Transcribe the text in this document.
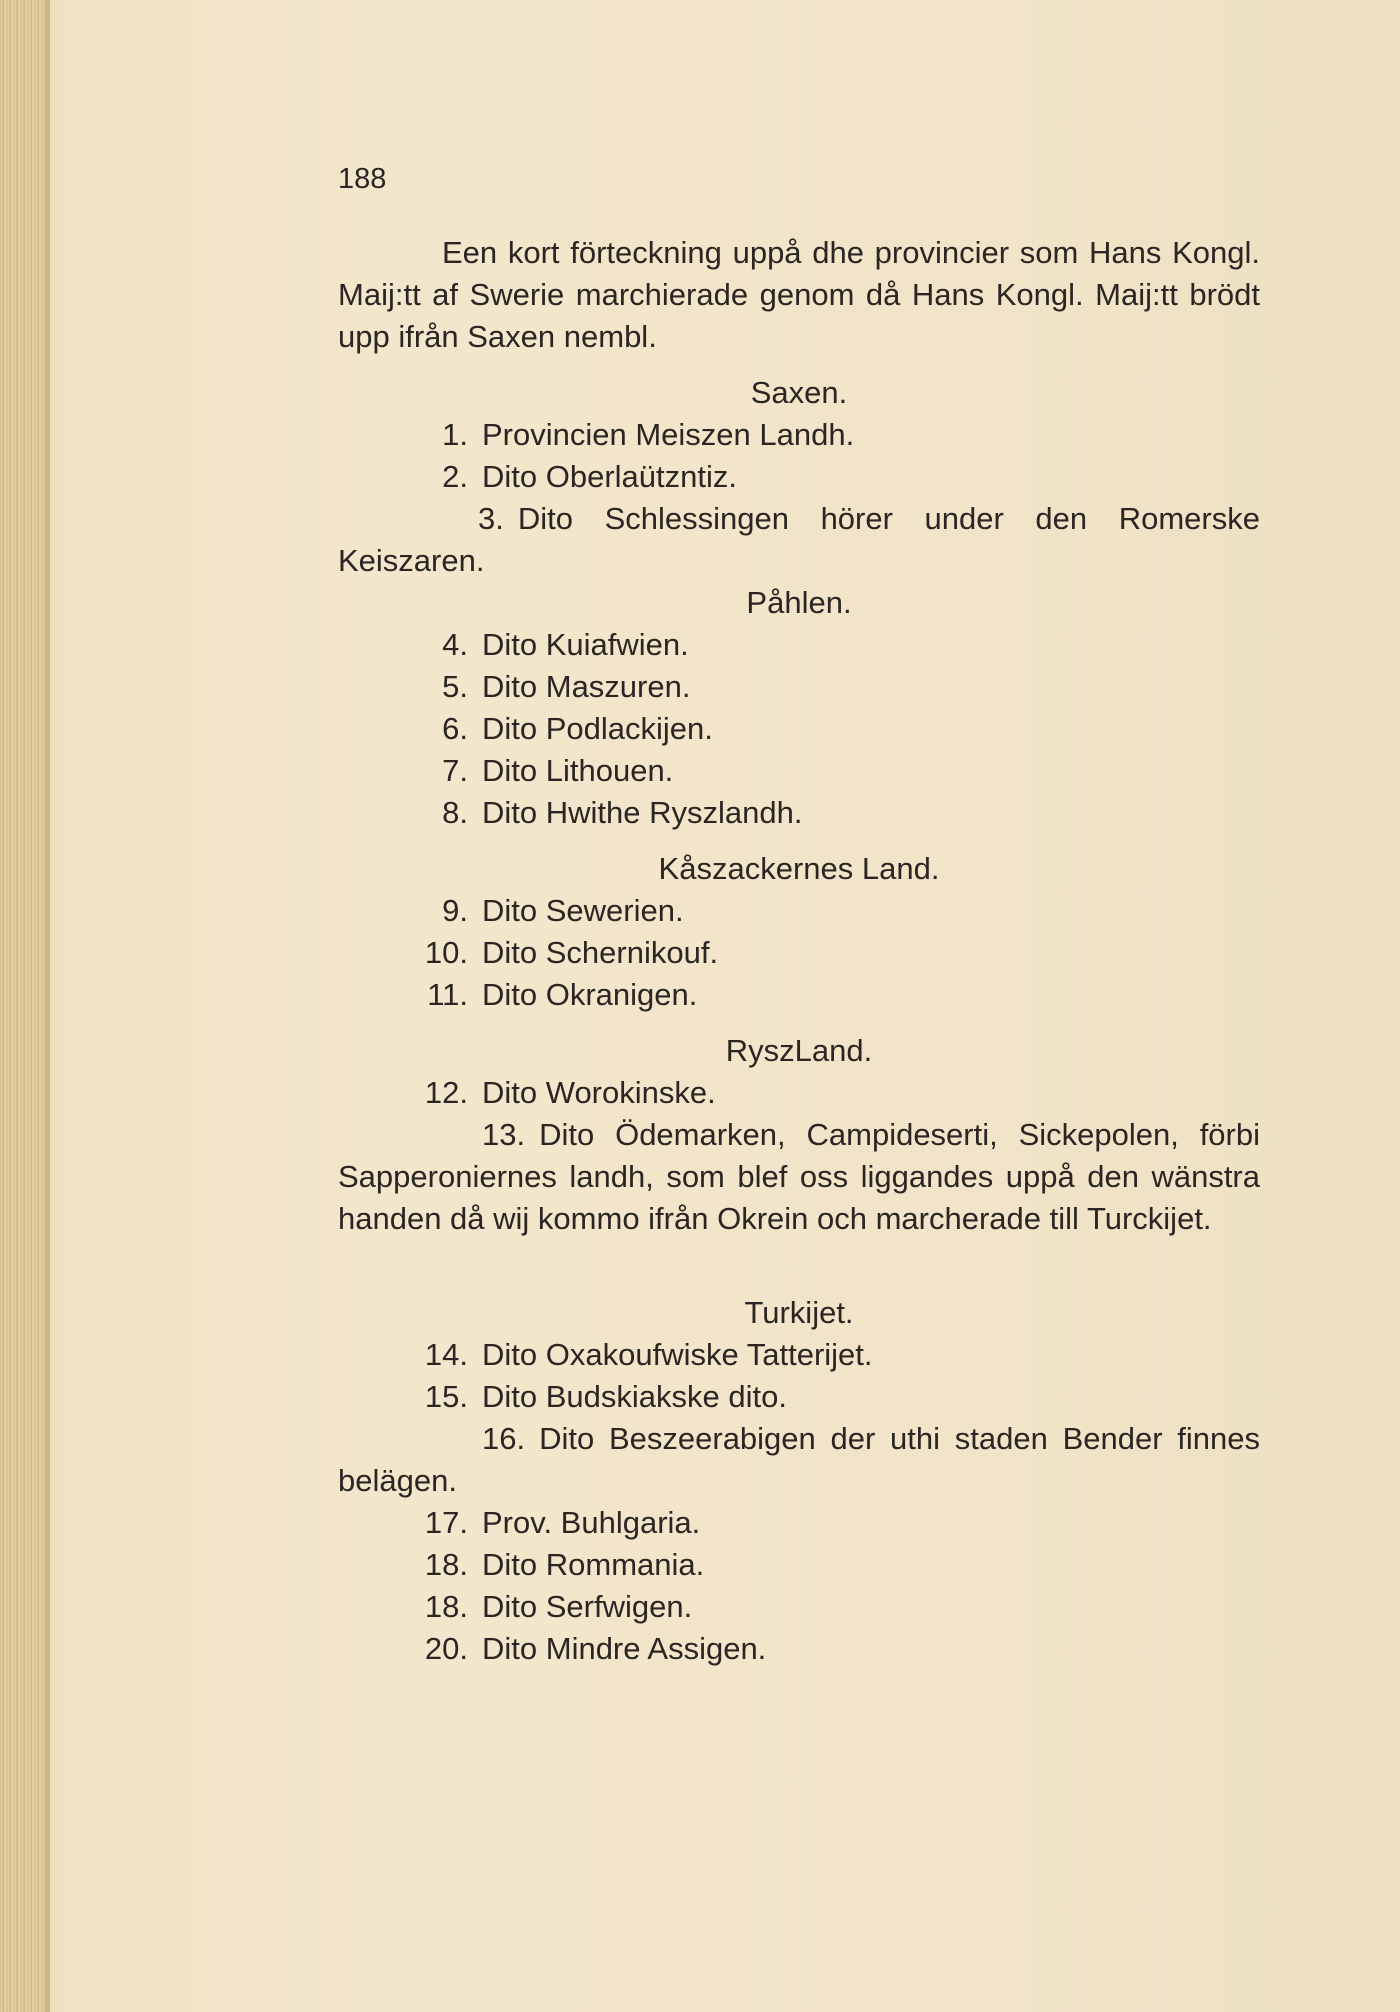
188
Een kort förteckning uppå dhe provincier som Hans Kongl. Maij:tt af Swerie marchierade genom då Hans Kongl. Maij:tt brödt upp ifrån Saxen nembl.
Saxen.
1. Provincien Meiszen Landh.
2. Dito Oberlaützntiz.
3. Dito Schlessingen hörer under den Romerske Keiszaren.
Påhlen.
4. Dito Kuiafwien.
5. Dito Maszuren.
6. Dito Podlackijen.
7. Dito Lithouen.
8. Dito Hwithe Ryszlandh.
Kåszackernes Land.
9. Dito Sewerien.
10. Dito Schernikouf.
11. Dito Okranigen.
RyszLand.
12. Dito Worokinske.
13. Dito Ödemarken, Campideserti, Sickepolen, förbi Sapperoniernes landh, som blef oss liggandes uppå den wänstra handen då wij kommo ifrån Okrein och marcherade till Turckijet.
Turkijet.
14. Dito Oxakoufwiske Tatterijet.
15. Dito Budskiakske dito.
16. Dito Beszeerabigen der uthi staden Bender finnes belägen.
17. Prov. Buhlgaria.
18. Dito Rommania.
18. Dito Serfwigen.
20. Dito Mindre Assigen.
